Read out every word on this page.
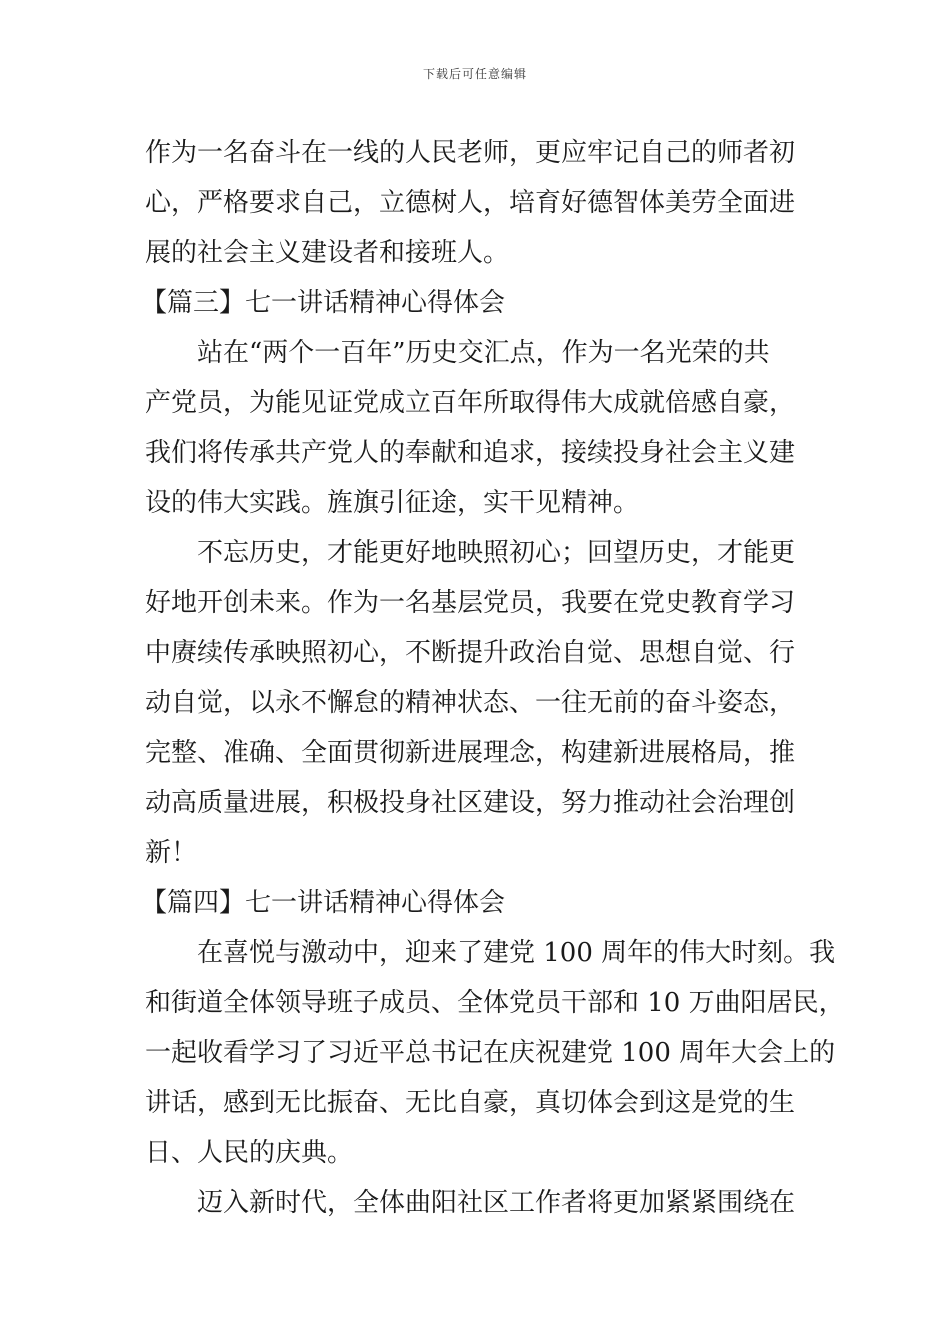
下载后可任意编辑
作为一名奋斗在一线的人民老师，更应牢记自己的师者初
心，严格要求自己，立德树人，培育好德智体美劳全面进
展的社会主义建设者和接班人。
【篇三】七一讲话精神心得体会
站在“两个一百年”历史交汇点，作为一名光荣的共
产党员，为能见证党成立百年所取得伟大成就倍感自豪，
我们将传承共产党人的奉献和追求，接续投身社会主义建
设的伟大实践。旌旗引征途，实干见精神。
不忘历史，才能更好地映照初心；回望历史，才能更
好地开创未来。作为一名基层党员，我要在党史教育学习
中赓续传承映照初心，不断提升政治自觉、思想自觉、行
动自觉，以永不懈怠的精神状态、一往无前的奋斗姿态，
完整、准确、全面贯彻新进展理念，构建新进展格局，推
动高质量进展，积极投身社区建设，努力推动社会治理创
新！
【篇四】七一讲话精神心得体会
在喜悦与激动中，迎来了建党 100 周年的伟大时刻。我
和街道全体领导班子成员、全体党员干部和 10 万曲阳居民，
一起收看学习了习近平总书记在庆祝建党 100 周年大会上的
讲话，感到无比振奋、无比自豪，真切体会到这是党的生
日、人民的庆典。
迈入新时代，全体曲阳社区工作者将更加紧紧围绕在
